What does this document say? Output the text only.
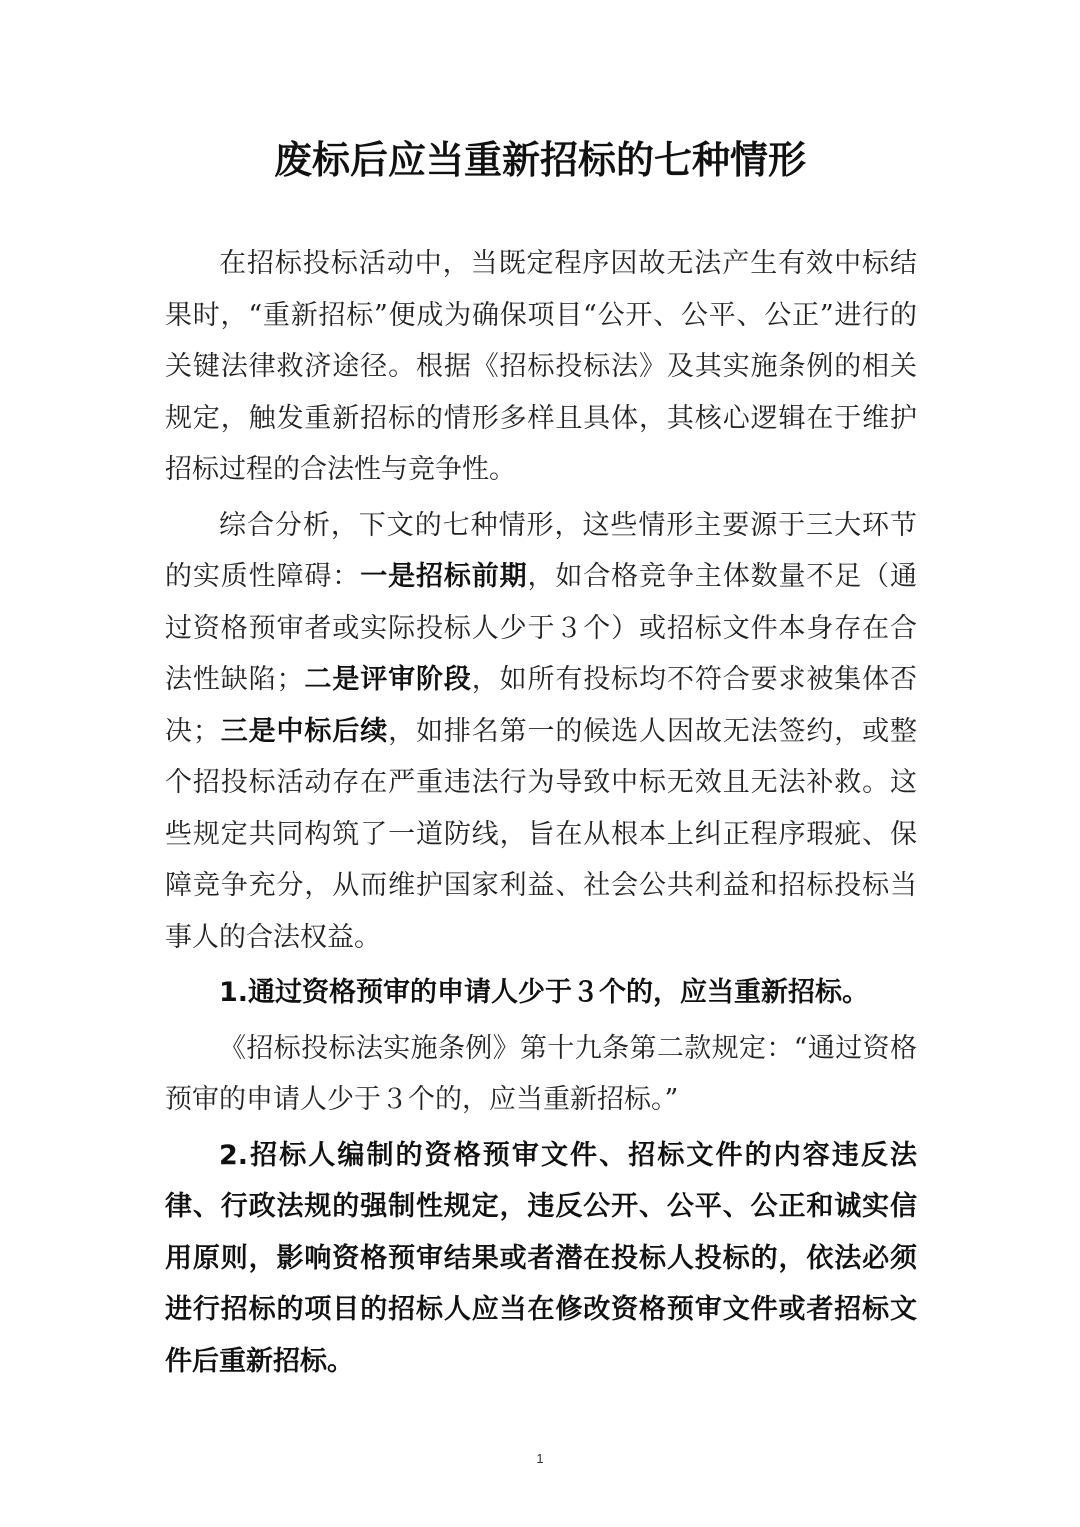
废标后应当重新招标的七种情形

在招标投标活动中，当既定程序因故无法产生有效中标结果时，“重新招标”便成为确保项目“公开、公平、公正”进行的关键法律救济途径。根据《招标投标法》及其实施条例的相关规定，触发重新招标的情形多样且具体，其核心逻辑在于维护招标过程的合法性与竞争性。

综合分析，下文的七种情形，这些情形主要源于三大环节的实质性障碍：一是招标前期，如合格竞争主体数量不足（通过资格预审者或实际投标人少于３个）或招标文件本身存在合法性缺陷；二是评审阶段，如所有投标均不符合要求被集体否决；三是中标后续，如排名第一的候选人因故无法签约，或整个招投标活动存在严重违法行为导致中标无效且无法补救。这些规定共同构筑了一道防线，旨在从根本上纠正程序瑕疵、保障竞争充分，从而维护国家利益、社会公共利益和招标投标当事人的合法权益。

1.通过资格预审的申请人少于３个的，应当重新招标。

《招标投标法实施条例》第十九条第二款规定：“通过资格预审的申请人少于３个的，应当重新招标。”

2.招标人编制的资格预审文件、招标文件的内容违反法律、行政法规的强制性规定，违反公开、公平、公正和诚实信用原则，影响资格预审结果或者潜在投标人投标的，依法必须进行招标的项目的招标人应当在修改资格预审文件或者招标文件后重新招标。

1
